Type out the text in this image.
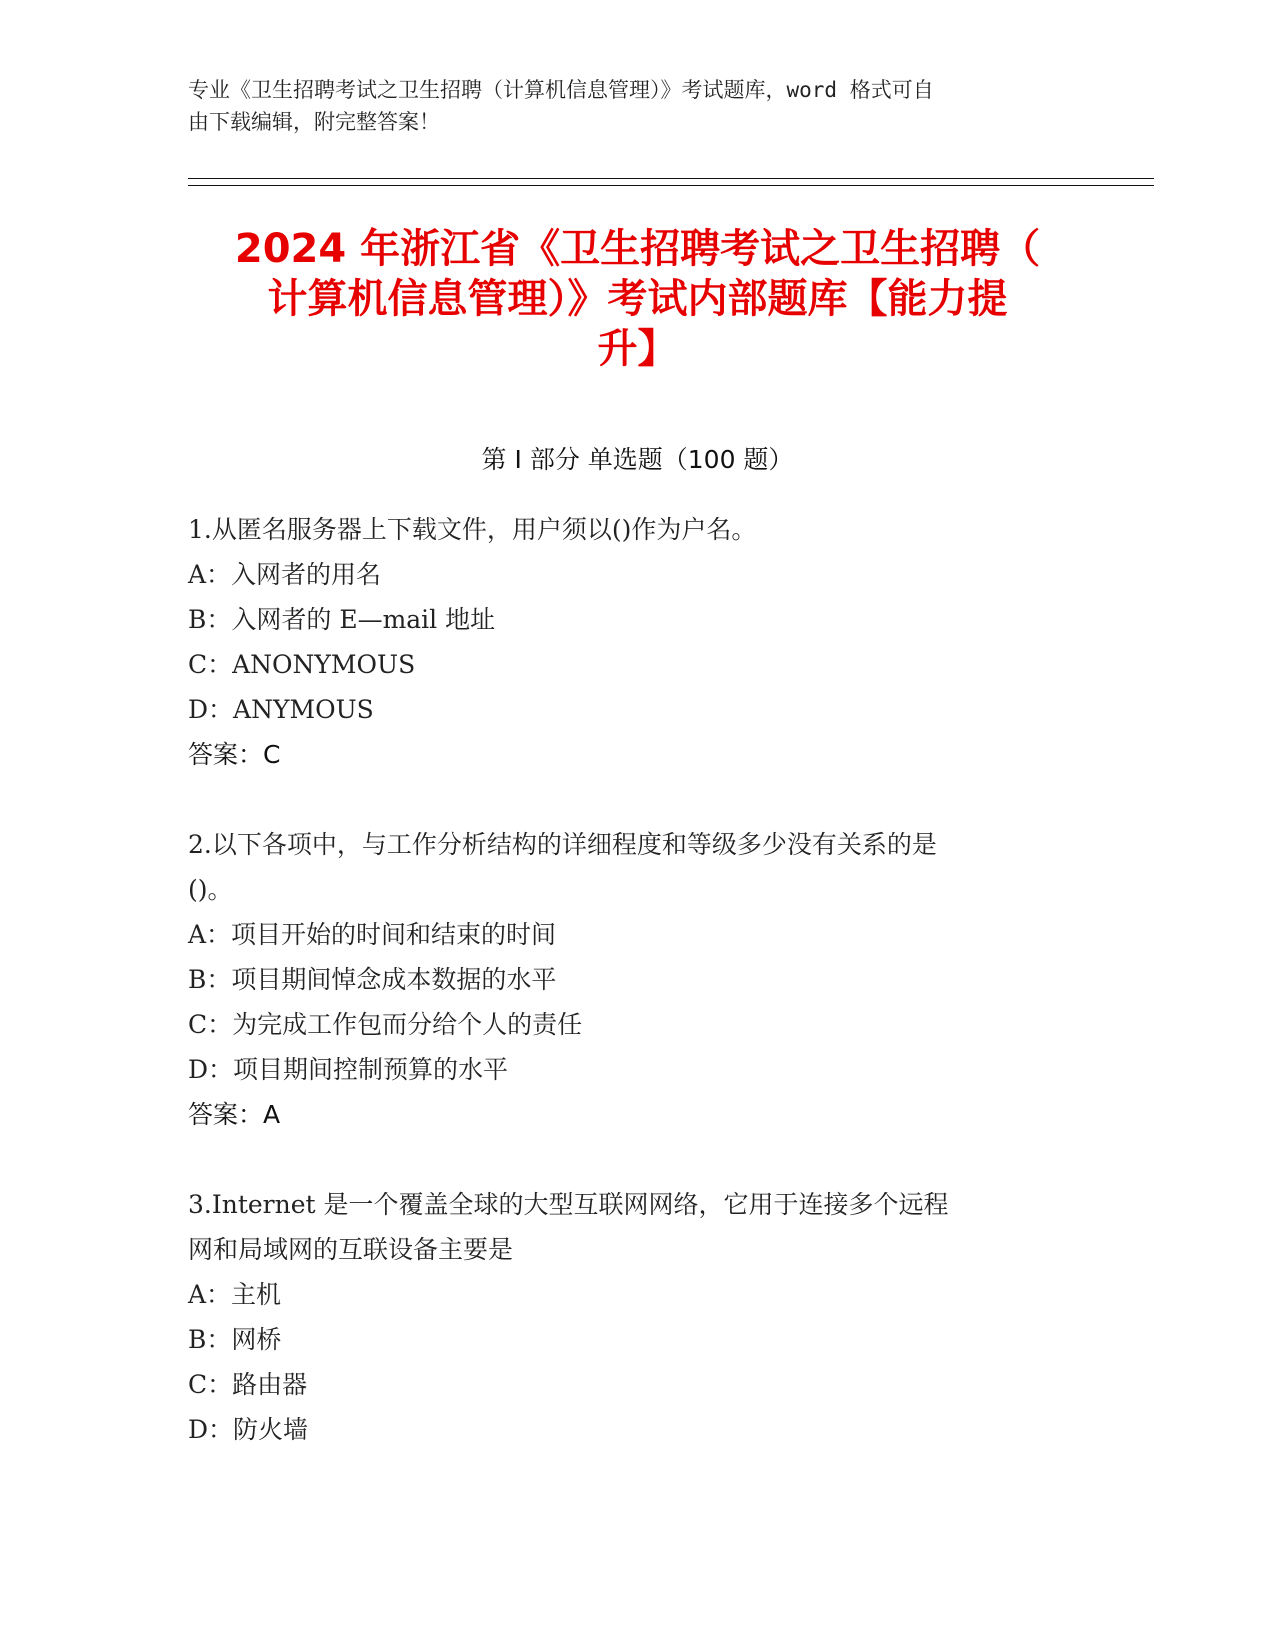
专业《卫生招聘考试之卫生招聘（计算机信息管理）》考试题库，word 格式可自
由下载编辑，附完整答案！
2024 年浙江省《卫生招聘考试之卫生招聘（
计算机信息管理）》考试内部题库【能力提
升】
第 I 部分 单选题（100 题）
1.从匿名服务器上下载文件，用户须以()作为户名。
A：入网者的用名
B：入网者的 E—mail 地址
C：ANONYMOUS
D：ANYMOUS
答案：C
2.以下各项中，与工作分析结构的详细程度和等级多少没有关系的是
()。
A：项目开始的时间和结束的时间
B：项目期间悼念成本数据的水平
C：为完成工作包而分给个人的责任
D：项目期间控制预算的水平
答案：A
3.Internet 是一个覆盖全球的大型互联网网络，它用于连接多个远程
网和局域网的互联设备主要是
A：主机
B：网桥
C：路由器
D：防火墙
